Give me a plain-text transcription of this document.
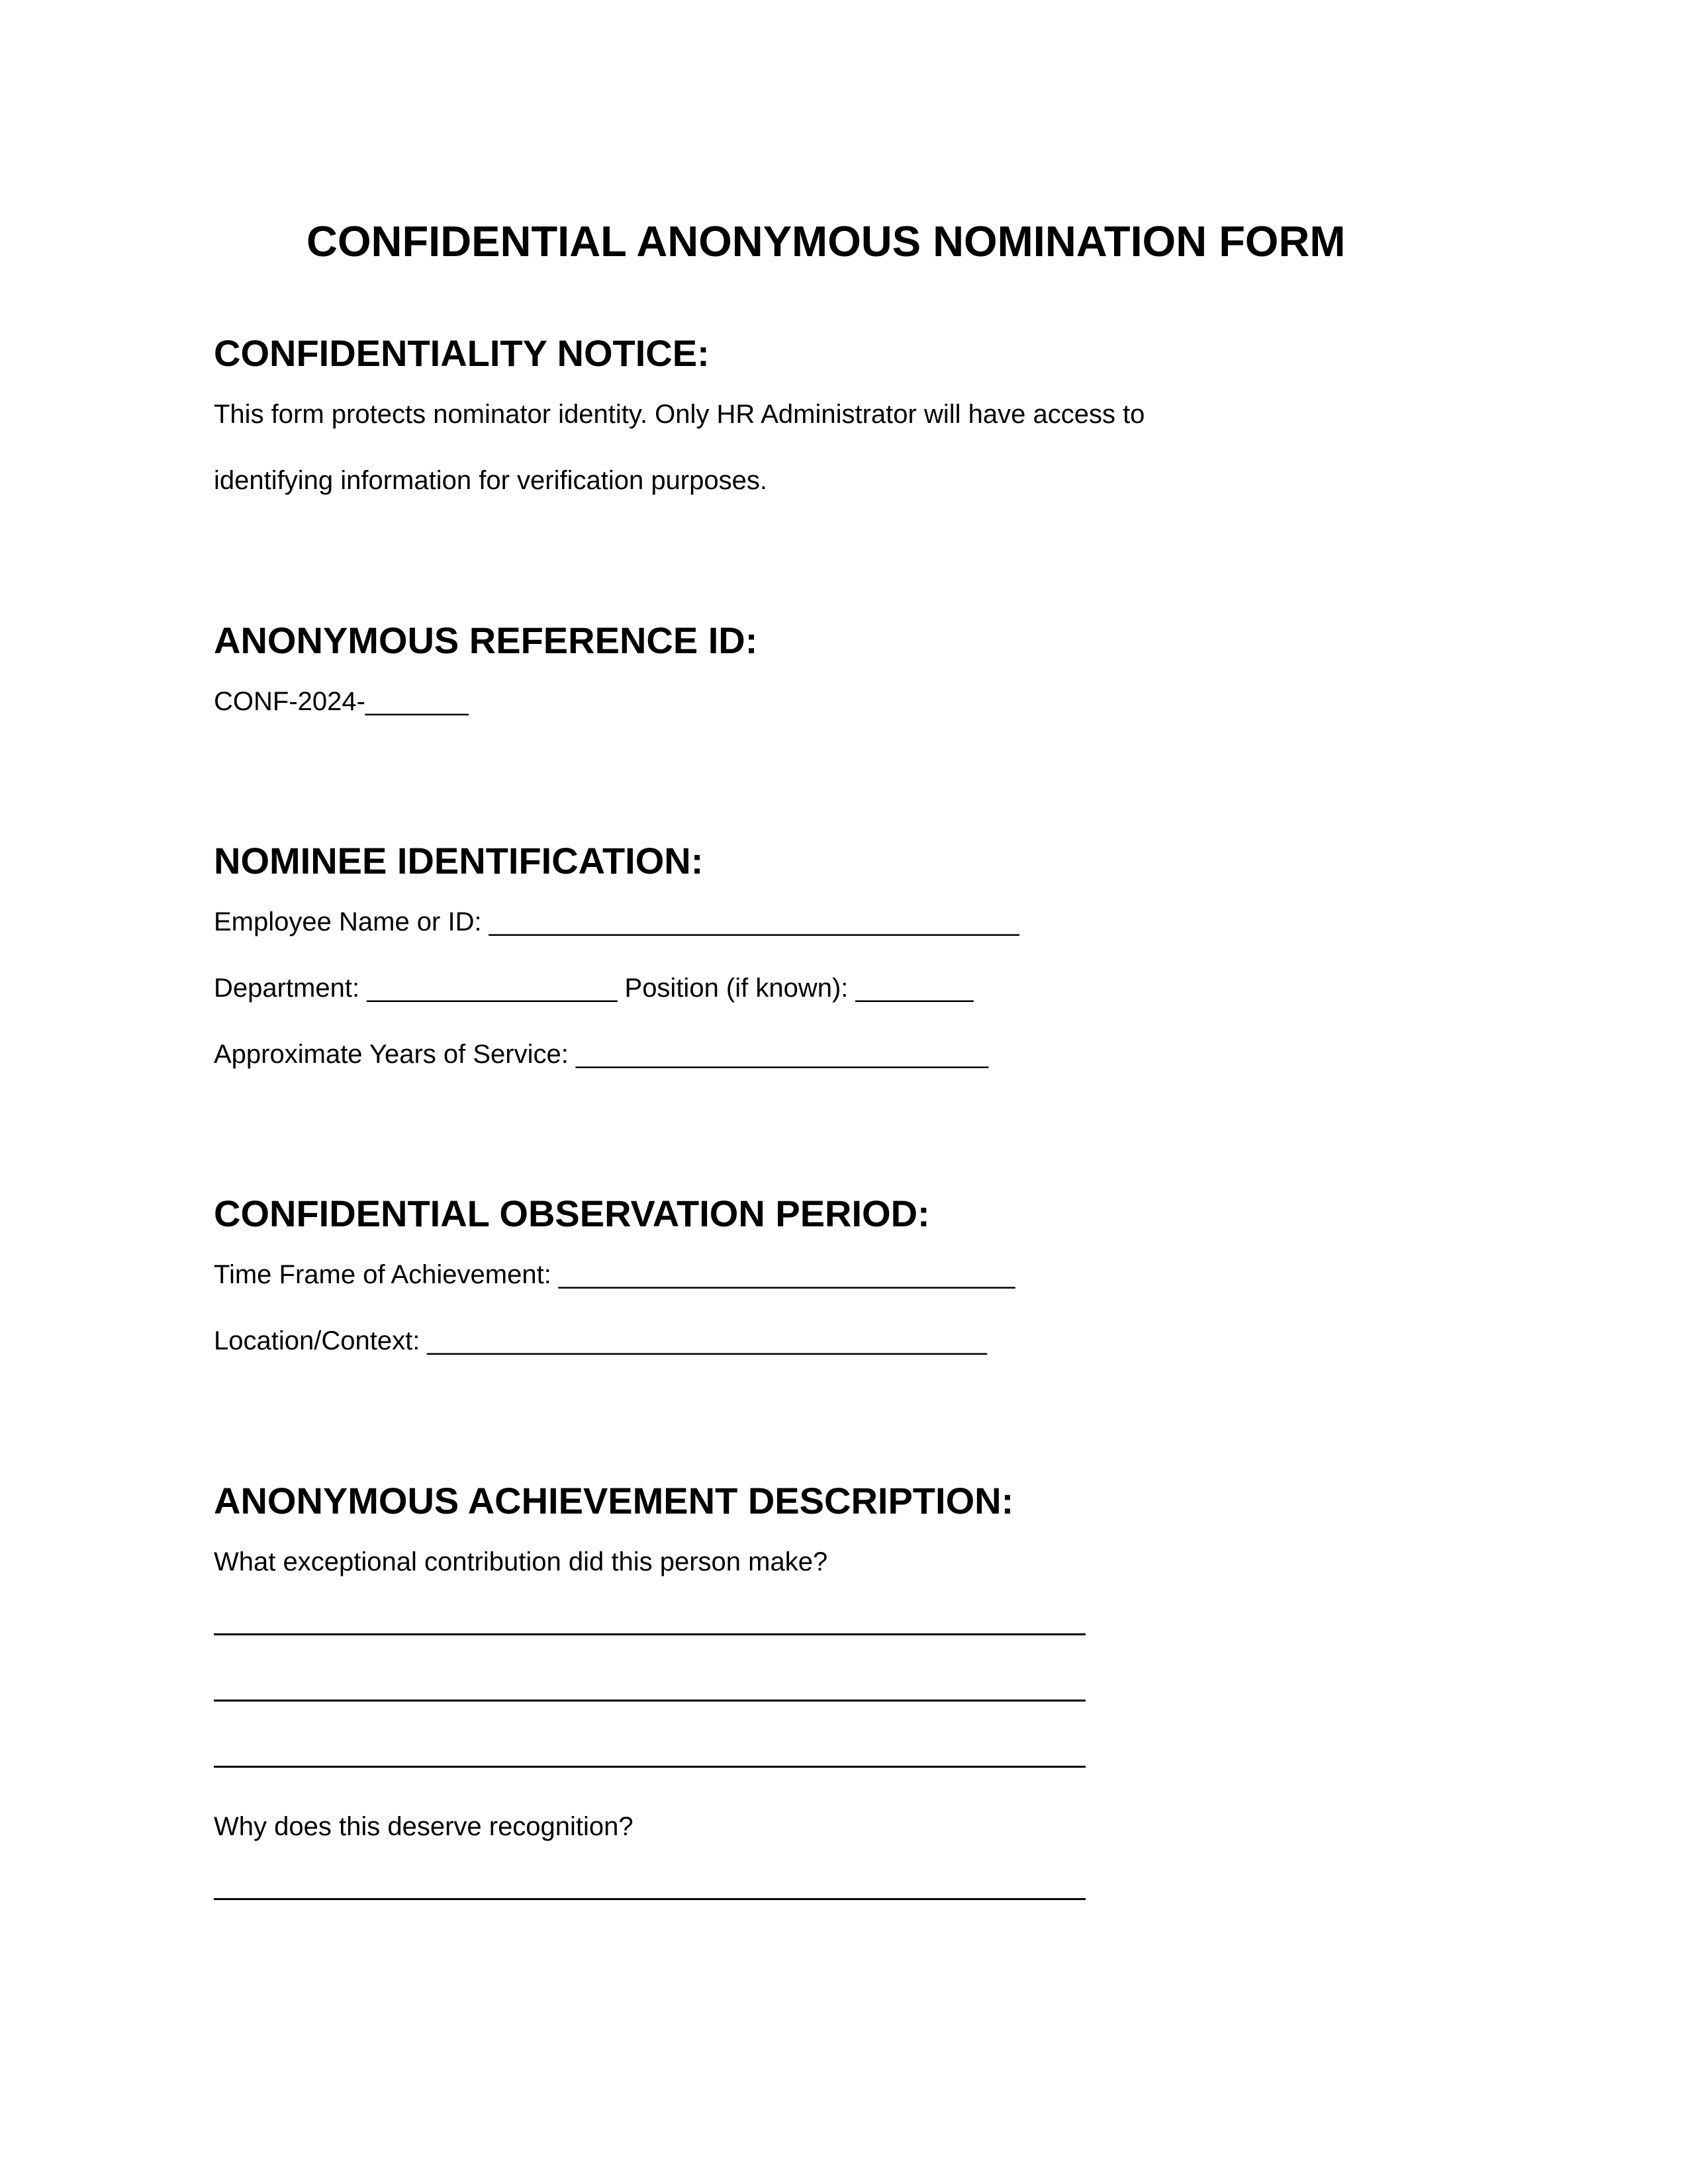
CONFIDENTIAL ANONYMOUS NOMINATION FORM
CONFIDENTIALITY NOTICE:
This form protects nominator identity. Only HR Administrator will have access to
identifying information for verification purposes.
ANONYMOUS REFERENCE ID:
CONF-2024-_______
NOMINEE IDENTIFICATION:
Employee Name or ID: ____________________________________
Department: _________________ Position (if known): ________
Approximate Years of Service: ____________________________
CONFIDENTIAL OBSERVATION PERIOD:
Time Frame of Achievement: _______________________________
Location/Context: ______________________________________
ANONYMOUS ACHIEVEMENT DESCRIPTION:
What exceptional contribution did this person make?
Why does this deserve recognition?
